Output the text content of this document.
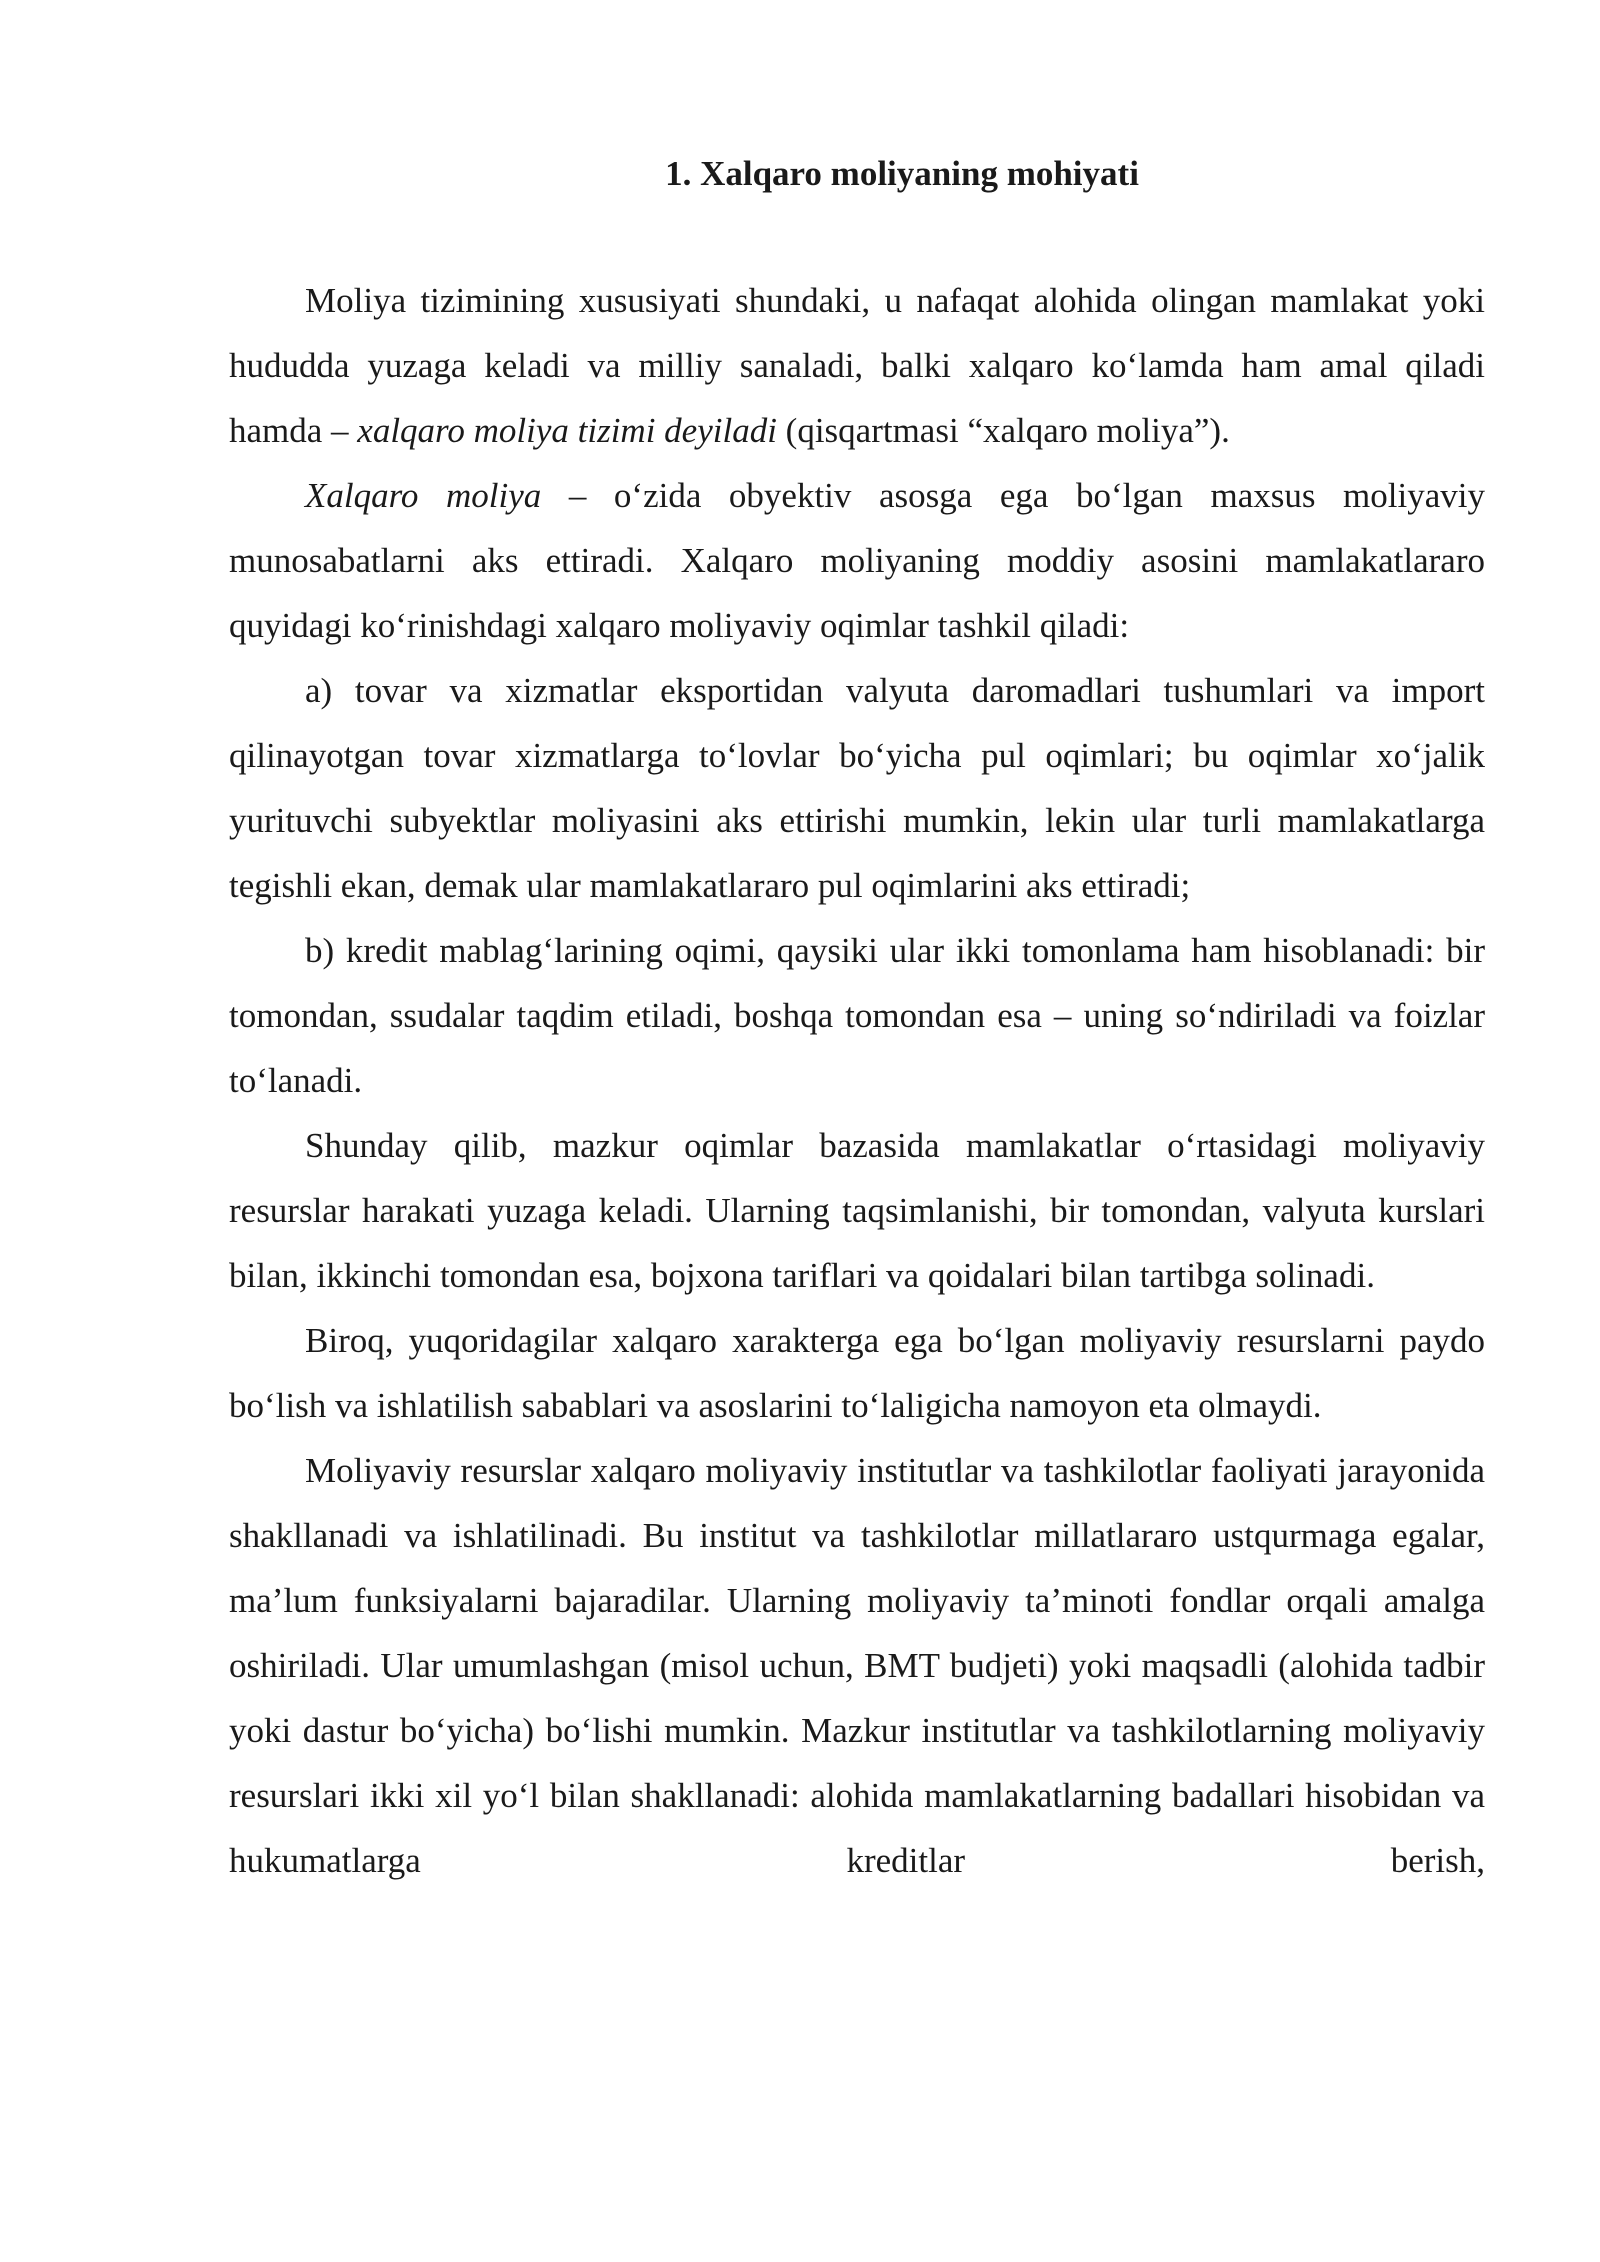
1. Xalqaro moliyaning mohiyati

Moliya tizimining xususiyati shundaki, u nafaqat alohida olingan mamlakat yoki hududda yuzaga keladi va milliy sanaladi, balki xalqaro koʻlamda ham amal qiladi hamda – xalqaro moliya tizimi deyiladi (qisqartmasi “xalqaro moliya”).

Xalqaro moliya – oʻzida obyektiv asosga ega boʻlgan maxsus moliyaviy munosabatlarni aks ettiradi. Xalqaro moliyaning moddiy asosini mamlakatlararo quyidagi koʻrinishdagi xalqaro moliyaviy oqimlar tashkil qiladi:

a) tovar va xizmatlar eksportidan valyuta daromadlari tushumlari va import qilinayotgan tovar xizmatlarga toʻlovlar boʻyicha pul oqimlari; bu oqimlar xoʻjalik yurituvchi subyektlar moliyasini aks ettirishi mumkin, lekin ular turli mamlakatlarga tegishli ekan, demak ular mamlakatlararo pul oqimlarini aks ettiradi;

b) kredit mablagʻlarining oqimi, qaysiki ular ikki tomonlama ham hisoblanadi: bir tomondan, ssudalar taqdim etiladi, boshqa tomondan esa – uning soʻndiriladi va foizlar toʻlanadi.

Shunday qilib, mazkur oqimlar bazasida mamlakatlar oʻrtasidagi moliyaviy resurslar harakati yuzaga keladi. Ularning taqsimlanishi, bir tomondan, valyuta kurslari bilan, ikkinchi tomondan esa, bojxona tariflari va qoidalari bilan tartibga solinadi.

Biroq, yuqoridagilar xalqaro xarakterga ega boʻlgan moliyaviy resurslarni paydo boʻlish va ishlatilish sabablari va asoslarini toʻlaligicha namoyon eta olmaydi.

Moliyaviy resurslar xalqaro moliyaviy institutlar va tashkilotlar faoliyati jarayonida shakllanadi va ishlatilinadi. Bu institut va tashkilotlar millatlararo ustqurmaga egalar, ma’lum funksiyalarni bajaradilar. Ularning moliyaviy ta’minoti fondlar orqali amalga oshiriladi. Ular umumlashgan (misol uchun, BMT budjeti) yoki maqsadli (alohida tadbir yoki dastur boʻyicha) boʻlishi mumkin. Mazkur institutlar va tashkilotlarning moliyaviy resurslari ikki xil yoʻl bilan shakllanadi: alohida mamlakatlarning badallari hisobidan va hukumatlarga kreditlar berish,
